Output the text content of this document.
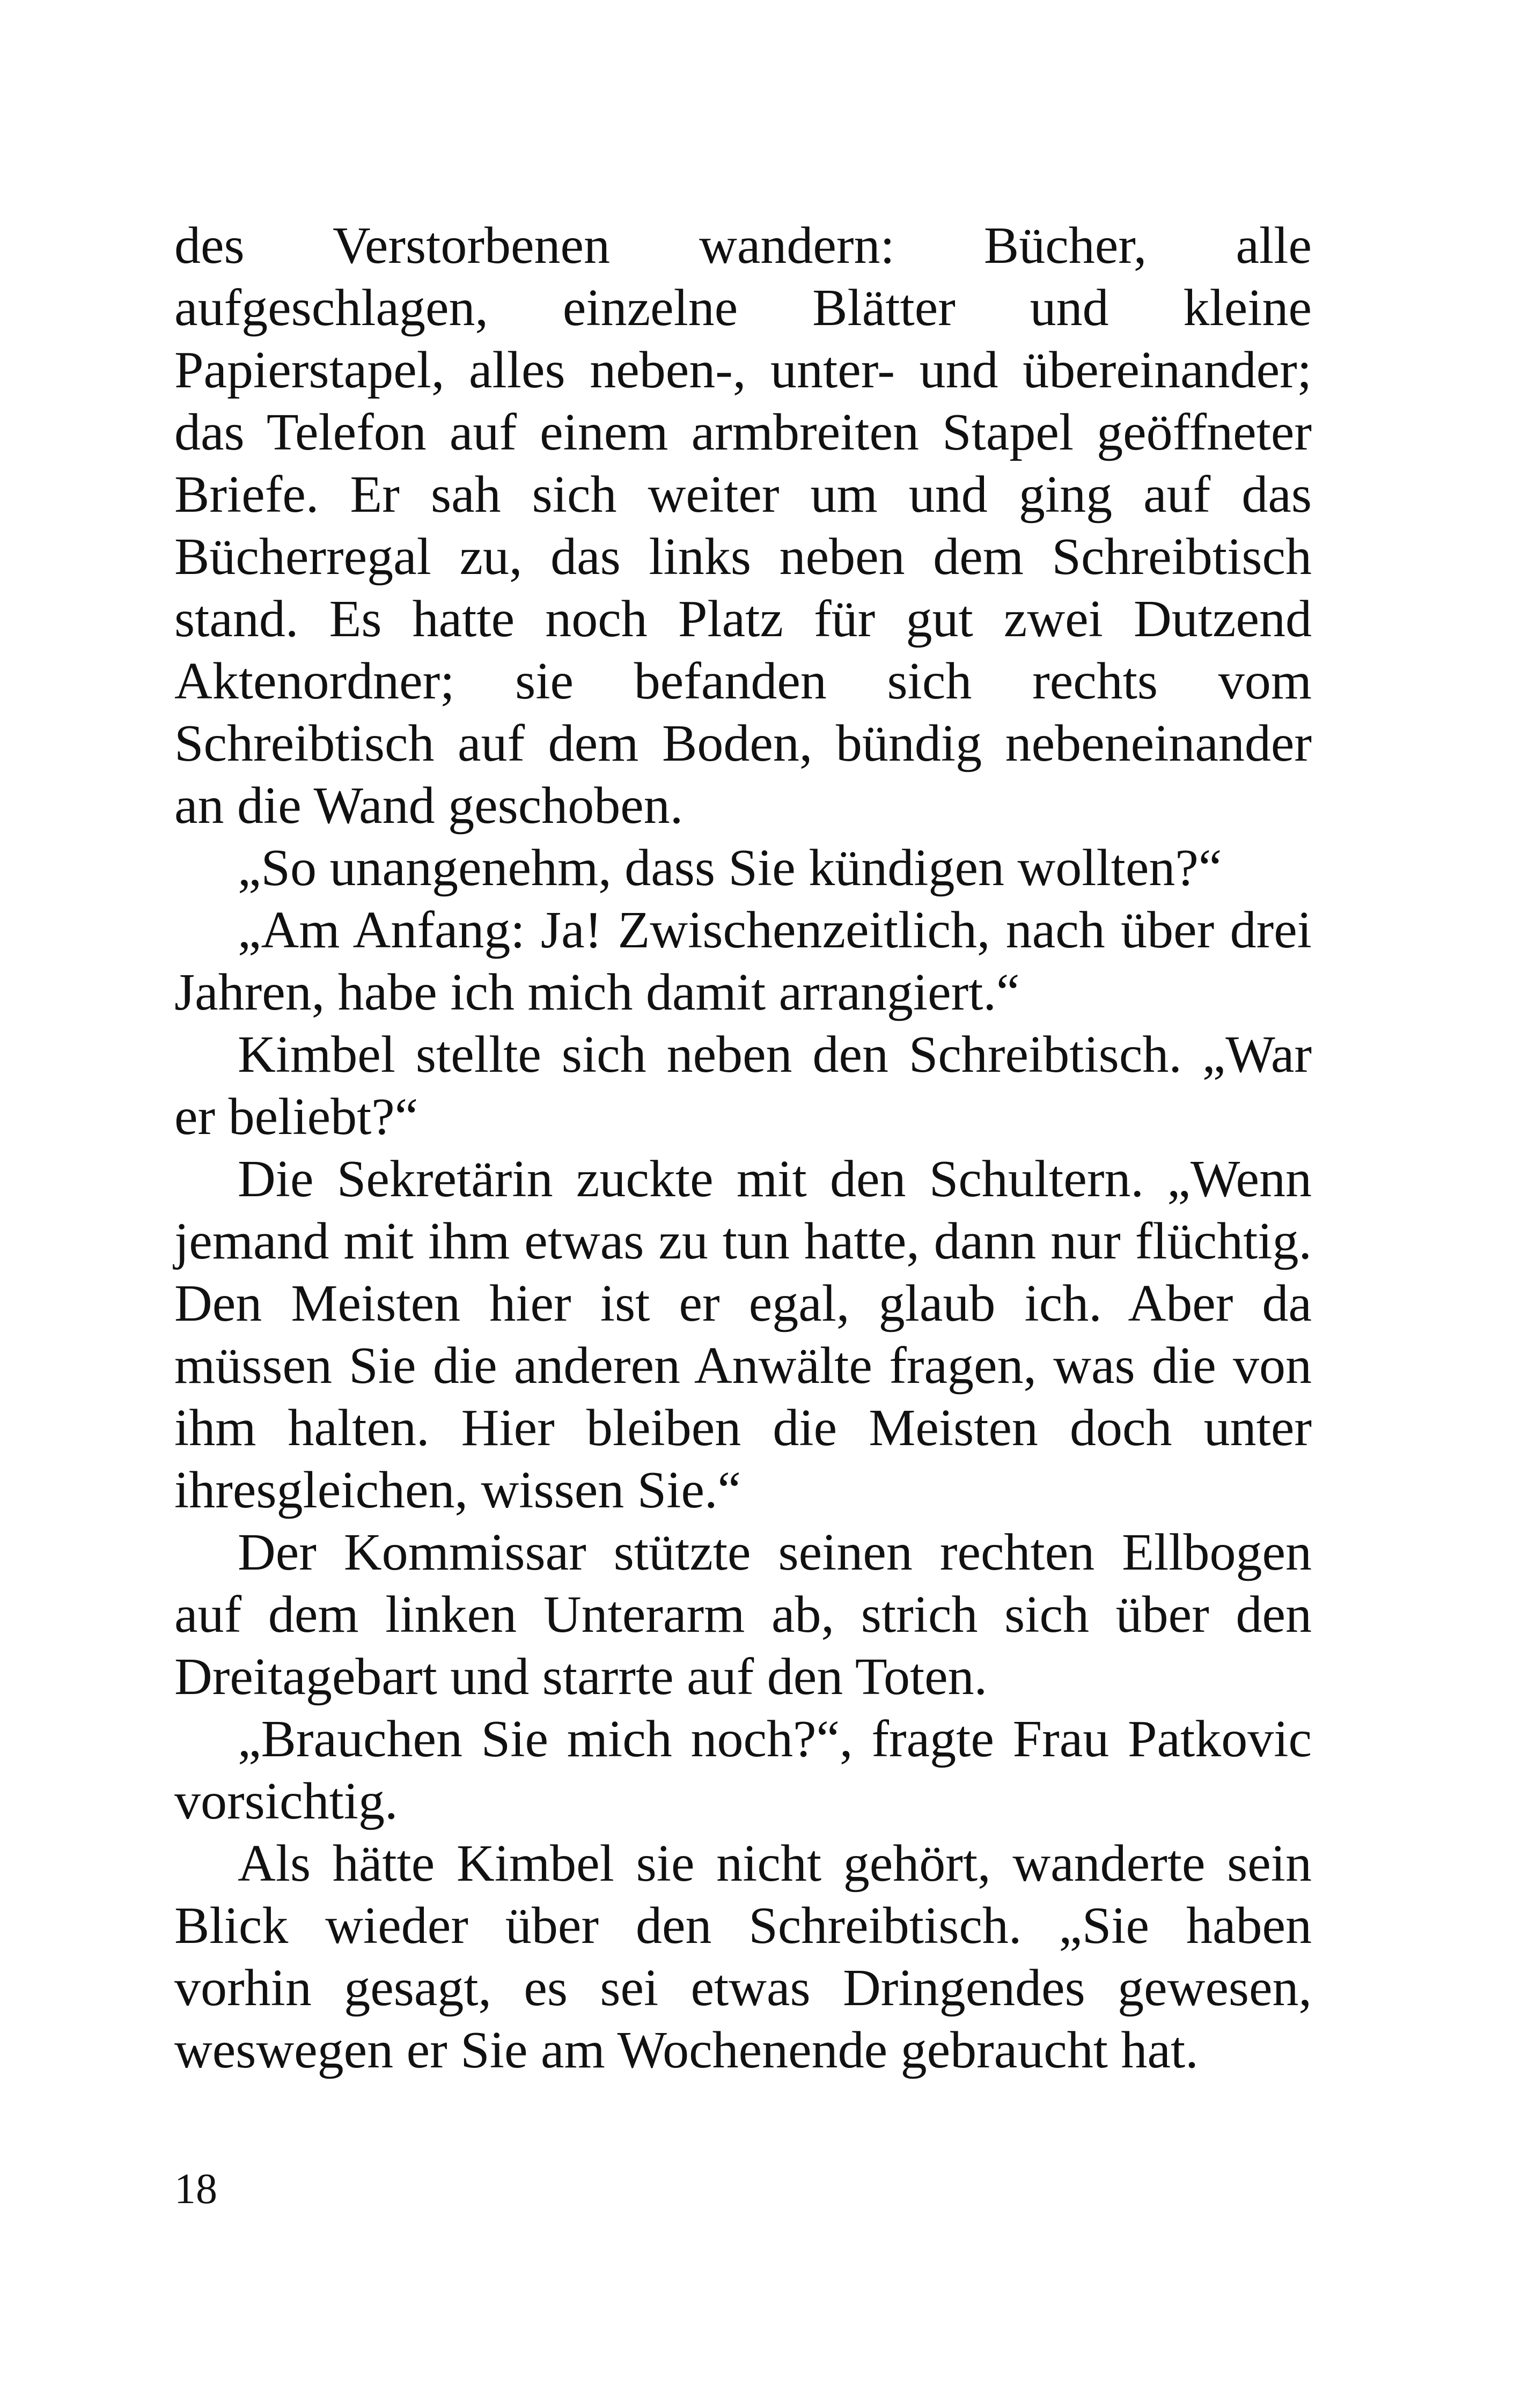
des Verstorbenen wandern: Bücher, alle aufgeschlagen, einzelne Blätter und kleine Papierstapel, alles neben-, unter- und übereinander; das Telefon auf einem armbreiten Stapel geöffneter Briefe. Er sah sich weiter um und ging auf das Bücherregal zu, das links neben dem Schreibtisch stand. Es hatte noch Platz für gut zwei Dutzend Aktenordner; sie befanden sich rechts vom Schreibtisch auf dem Boden, bündig nebeneinander an die Wand geschoben.

„So unangenehm, dass Sie kündigen wollten?“

„Am Anfang: Ja! Zwischenzeitlich, nach über drei Jahren, habe ich mich damit arrangiert.“

Kimbel stellte sich neben den Schreibtisch. „War er beliebt?“

Die Sekretärin zuckte mit den Schultern. „Wenn jemand mit ihm etwas zu tun hatte, dann nur flüchtig. Den Meisten hier ist er egal, glaub ich. Aber da müssen Sie die anderen Anwälte fragen, was die von ihm halten. Hier bleiben die Meisten doch unter ihresgleichen, wissen Sie.“

Der Kommissar stützte seinen rechten Ellbogen auf dem linken Unterarm ab, strich sich über den Dreitagebart und starrte auf den Toten.

„Brauchen Sie mich noch?“, fragte Frau Patkovic vorsichtig.

Als hätte Kimbel sie nicht gehört, wanderte sein Blick wieder über den Schreibtisch. „Sie haben vorhin gesagt, es sei etwas Dringendes gewesen, weswegen er Sie am Wochenende gebraucht hat.

18
